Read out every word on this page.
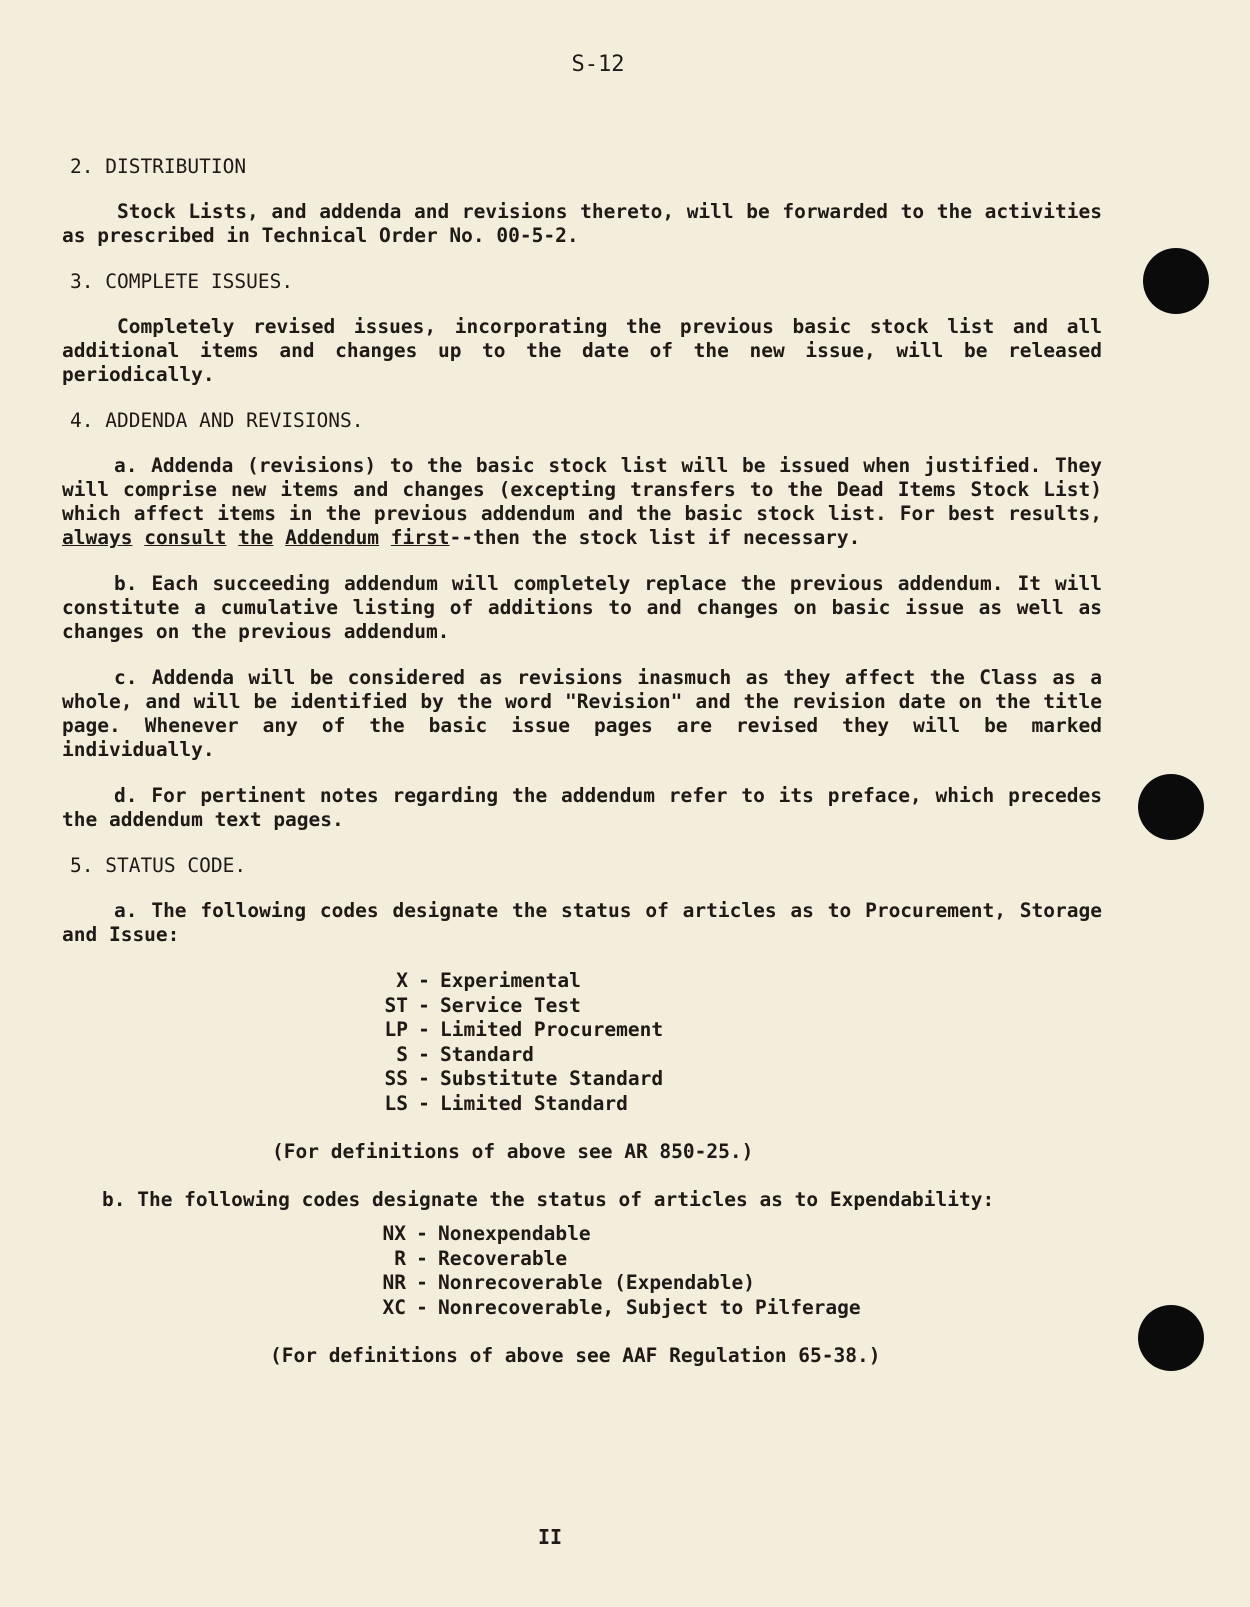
S-12
2. DISTRIBUTION

Stock Lists, and addenda and revisions thereto, will be forwarded to the activities as prescribed in Technical Order No. 00-5-2.

3. COMPLETE ISSUES.

Completely revised issues, incorporating the previous basic stock list and all additional items and changes up to the date of the new issue, will be released periodically.

4. ADDENDA AND REVISIONS.

a. Addenda (revisions) to the basic stock list will be issued when justified. They will comprise new items and changes (excepting transfers to the Dead Items Stock List) which affect items in the previous addendum and the basic stock list. For best results, always consult the Addendum first--then the stock list if necessary.

b. Each succeeding addendum will completely replace the previous addendum. It will constitute a cumulative listing of additions to and changes on basic issue as well as changes on the previous addendum.

c. Addenda will be considered as revisions inasmuch as they affect the Class as a whole, and will be identified by the word "Revision" and the revision date on the title page. Whenever any of the basic issue pages are revised they will be marked individually.

d. For pertinent notes regarding the addendum refer to its preface, which precedes the addendum text pages.

5. STATUS CODE.

a. The following codes designate the status of articles as to Procurement, Storage and Issue:

X - Experimental
ST - Service Test
LP - Limited Procurement
S - Standard
SS - Substitute Standard
LS - Limited Standard
(For definitions of above see AR 850-25.)
b. The following codes designate the status of articles as to Expendability:
NX - Nonexpendable
R - Recoverable
NR - Nonrecoverable (Expendable)
XC - Nonrecoverable, Subject to Pilferage
(For definitions of above see AAF Regulation 65-38.)
II
